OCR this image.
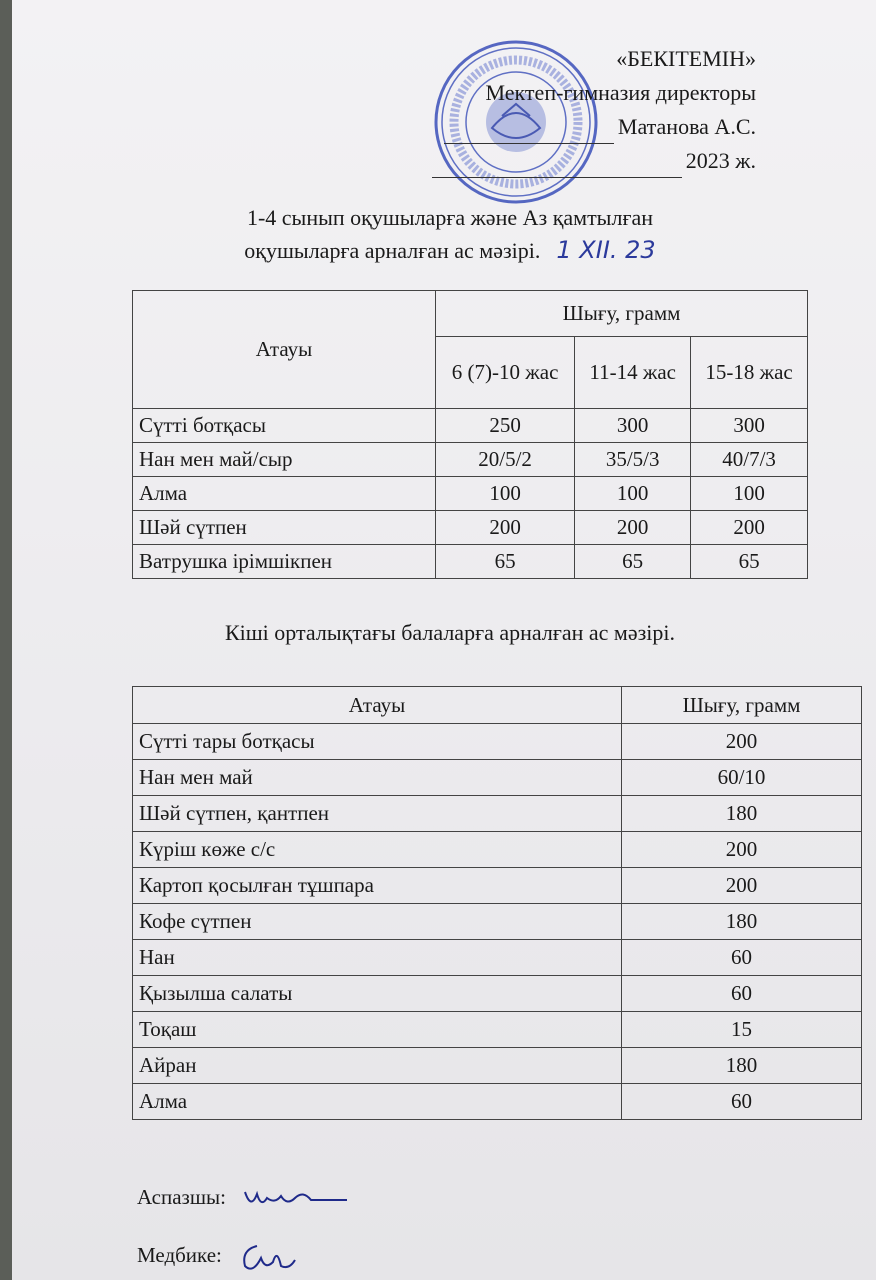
«БЕКІТЕМІН»
Мектеп-гимназия директоры
Матанова А.С.
2023 ж.
1-4 сынып оқушыларға және Аз қамтылған
оқушыларға арналған ас мәзірі. 1 XII. 23
Атауы	Шығу, грамм		
	6 (7)-10 жас	11-14 жас	15-18 жас
Сүтті ботқасы	250	300	300
Нан мен май/сыр	20/5/2	35/5/3	40/7/3
Алма	100	100	100
Шәй сүтпен	200	200	200
Ватрушка ірімшікпен	65	65	65
Кіші орталықтағы балаларға арналған ас мәзірі.
Атауы	Шығу, грамм
Сүтті тары ботқасы	200
Нан мен май	60/10
Шәй сүтпен, қантпен	180
Күріш көже с/с	200
Картоп қосылған тұшпара	200
Кофе сүтпен	180
Нан	60
Қызылша салаты	60
Тоқаш	15
Айран	180
Алма	60
Аспазшы:
Медбике:
